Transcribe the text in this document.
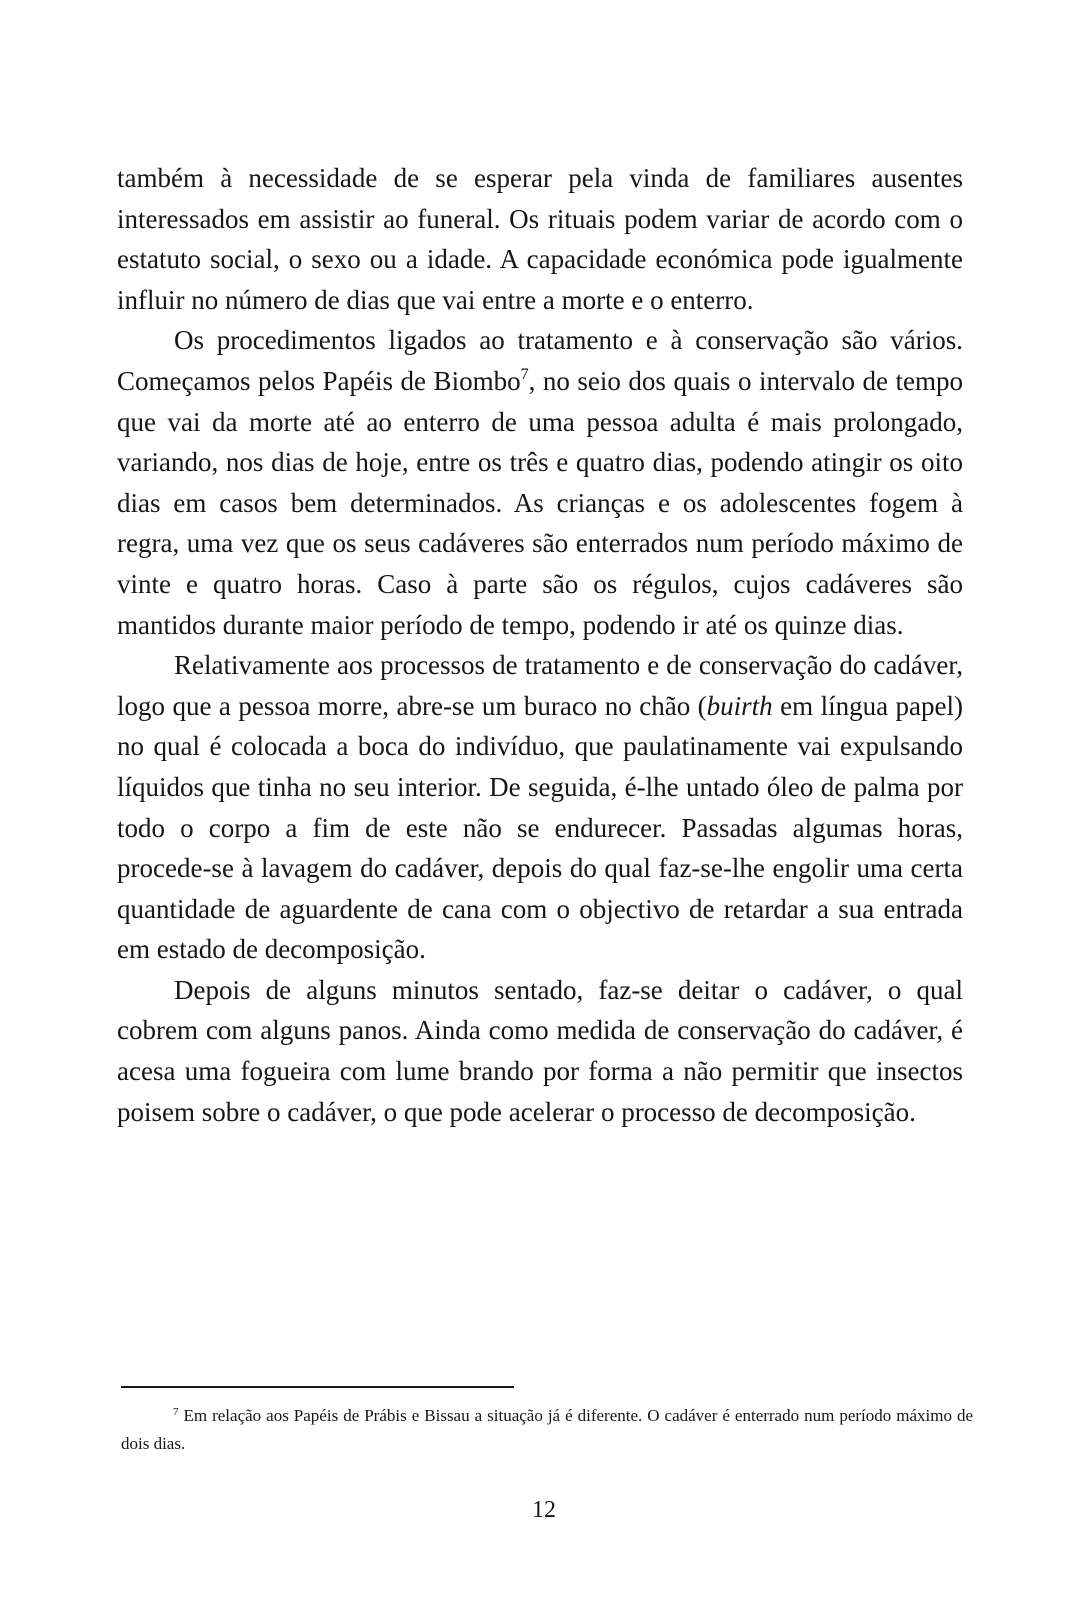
também à necessidade de se esperar pela vinda de familiares ausentes interessados em assistir ao funeral. Os rituais podem variar de acordo com o estatuto social, o sexo ou a idade. A capacidade económica pode igualmente influir no número de dias que vai entre a morte e o enterro.

Os procedimentos ligados ao tratamento e à conservação são vários. Começamos pelos Papéis de Biombo$^7$, no seio dos quais o intervalo de tempo que vai da morte até ao enterro de uma pessoa adulta é mais prolongado, variando, nos dias de hoje, entre os três e quatro dias, podendo atingir os oito dias em casos bem determinados. As crianças e os adolescentes fogem à regra, uma vez que os seus cadáveres são enterrados num período máximo de vinte e quatro horas. Caso à parte são os régulos, cujos cadáveres são mantidos durante maior período de tempo, podendo ir até os quinze dias.

Relativamente aos processos de tratamento e de conservação do cadáver, logo que a pessoa morre, abre-se um buraco no chão (buirth em língua papel) no qual é colocada a boca do indivíduo, que paulatinamente vai expulsando líquidos que tinha no seu interior. De seguida, é-lhe untado óleo de palma por todo o corpo a fim de este não se endurecer. Passadas algumas horas, procede-se à lavagem do cadáver, depois do qual faz-se-lhe engolir uma certa quantidade de aguardente de cana com o objectivo de retardar a sua entrada em estado de decomposição.

Depois de alguns minutos sentado, faz-se deitar o cadáver, o qual cobrem com alguns panos. Ainda como medida de conservação do cadáver, é acesa uma fogueira com lume brando por forma a não permitir que insectos poisem sobre o cadáver, o que pode acelerar o processo de decomposição.

$^7$ Em relação aos Papéis de Prábis e Bissau a situação já é diferente. O cadáver é enterrado num período máximo de dois dias.

12
